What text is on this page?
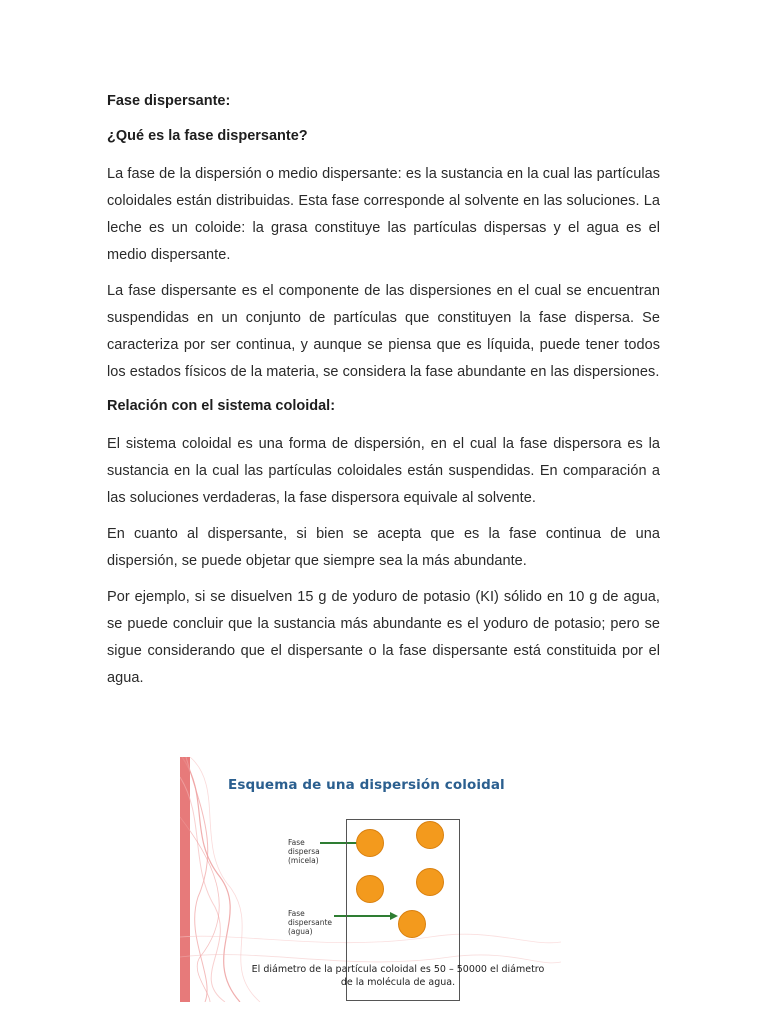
Fase dispersante:
¿Qué es la fase dispersante?

La fase de la dispersión o medio dispersante: es la sustancia en la cual las partículas coloidales están distribuidas. Esta fase corresponde al solvente en las soluciones. La leche es un coloide: la grasa constituye las partículas dispersas y el agua es el medio dispersante.

La fase dispersante es el componente de las dispersiones en el cual se encuentran suspendidas en un conjunto de partículas que constituyen la fase dispersa. Se caracteriza por ser continua, y aunque se piensa que es líquida, puede tener todos los estados físicos de la materia, se considera la fase abundante en las dispersiones.

Relación con el sistema coloidal:

El sistema coloidal es una forma de dispersión, en el cual la fase dispersora es la sustancia en la cual las partículas coloidales están suspendidas. En comparación a las soluciones verdaderas, la fase dispersora equivale al solvente.

En cuanto al dispersante, si bien se acepta que es la fase continua de una dispersión, se puede objetar que siempre sea la más abundante.

Por ejemplo, si se disuelven 15 g de yoduro de potasio (KI) sólido en 10 g de agua, se puede concluir que la sustancia más abundante es el yoduro de potasio; pero se sigue considerando que el dispersante o la fase dispersante está constituida por el agua.

Esquema de una dispersión coloidal
Fase
dispersa
(micela)
Fase
dispersante
(agua)
El diámetro de la partícula coloidal es 50 – 50000 el diámetro
de la molécula de agua.
